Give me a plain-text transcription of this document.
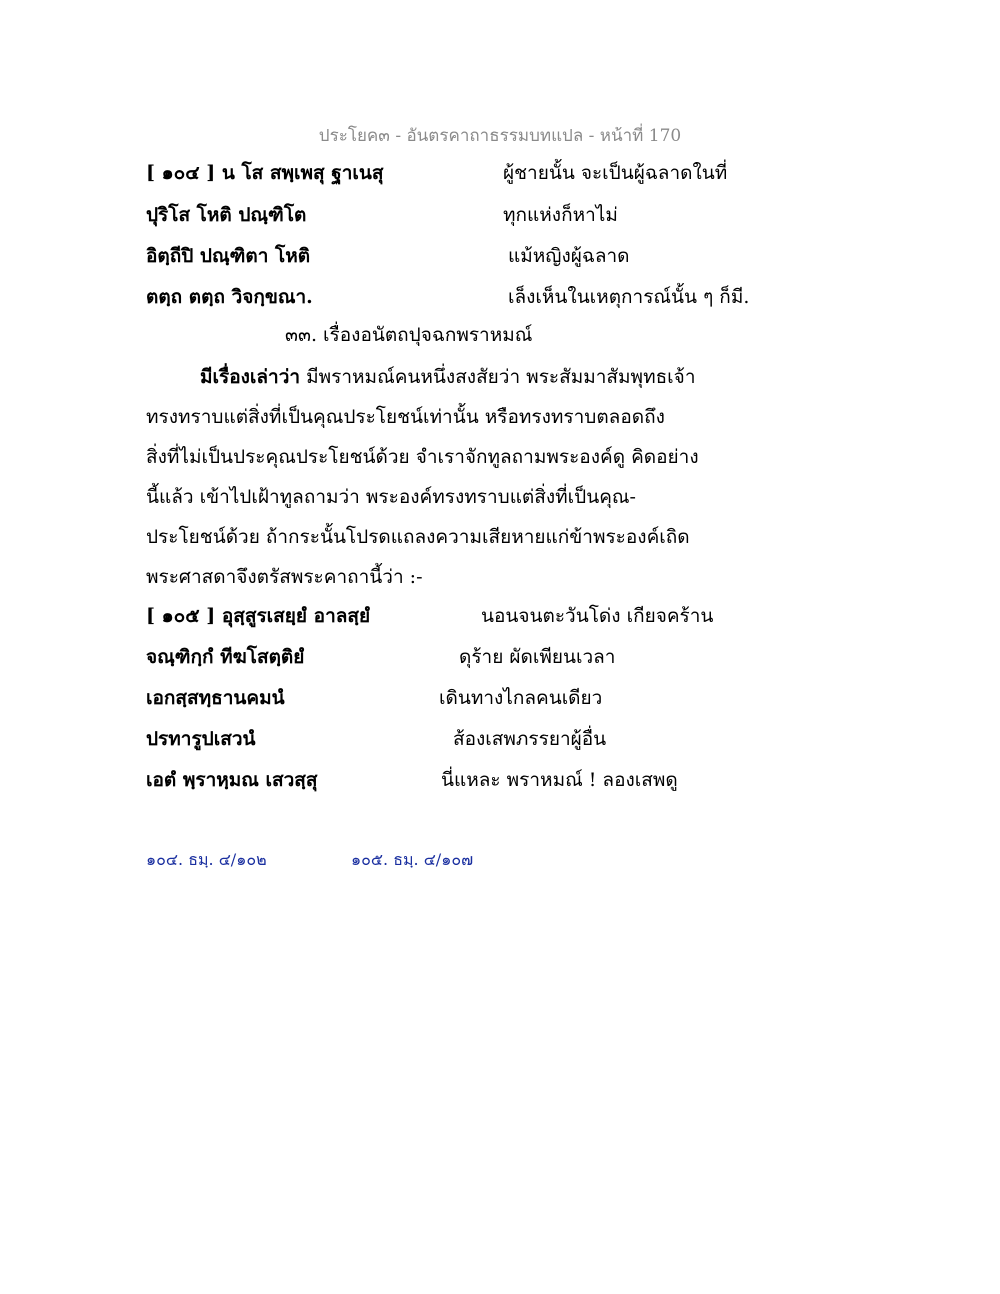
ประโยค๓ - อันตรคาถาธรรมบทแปล - หน้าที่ 170
[ ๑๐๔ ] น โส สพฺเพสุ ฐาเนสุ	ผู้ชายนั้น จะเป็นผู้ฉลาดในที่
ปุริโส โหติ ปณฺฑิโต	ทุกแห่งก็หาไม่
อิตฺถีปิ ปณฺฑิตา โหติ	แม้หญิงผู้ฉลาด
ตตฺถ ตตฺถ วิจกฺขณา.	เล็งเห็นในเหตุการณ์นั้น ๆ ก็มี.
๓๓. เรื่องอนัตถปุจฉกพราหมณ์
มีเรื่องเล่าว่า มีพราหมณ์คนหนึ่งสงสัยว่า พระสัมมาสัมพุทธเจ้า
ทรงทราบแต่สิ่งที่เป็นคุณประโยชน์เท่านั้น หรือทรงทราบตลอดถึง
สิ่งที่ไม่เป็นประคุณประโยชน์ด้วย จำเราจักทูลถามพระองค์ดู คิดอย่าง
นี้แล้ว เข้าไปเฝ้าทูลถามว่า พระองค์ทรงทราบแต่สิ่งที่เป็นคุณ-
ประโยชน์ด้วย ถ้ากระนั้นโปรดแถลงความเสียหายแก่ข้าพระองค์เถิด
พระศาสดาจึงตรัสพระคาถานี้ว่า :-
[ ๑๐๕ ] อุสฺสูรเสยฺยํ อาลสฺยํ	นอนจนตะวันโด่ง เกียจคร้าน
จณฺฑิกฺกํ ทีฆโสตฺติยํ	ดุร้าย ผัดเพียนเวลา
เอกสฺสทฺธานคมนํ	เดินทางไกลคนเดียว
ปรทารูปเสวนํ	ส้องเสพภรรยาผู้อื่น
เอตํ พฺราหฺมณ เสวสฺสุ	นี่แหละ พราหมณ์ ! ลองเสพดู
๑๐๔. ธมฺ. ๔/๑๐๒	๑๐๕. ธมฺ. ๔/๑๐๗
